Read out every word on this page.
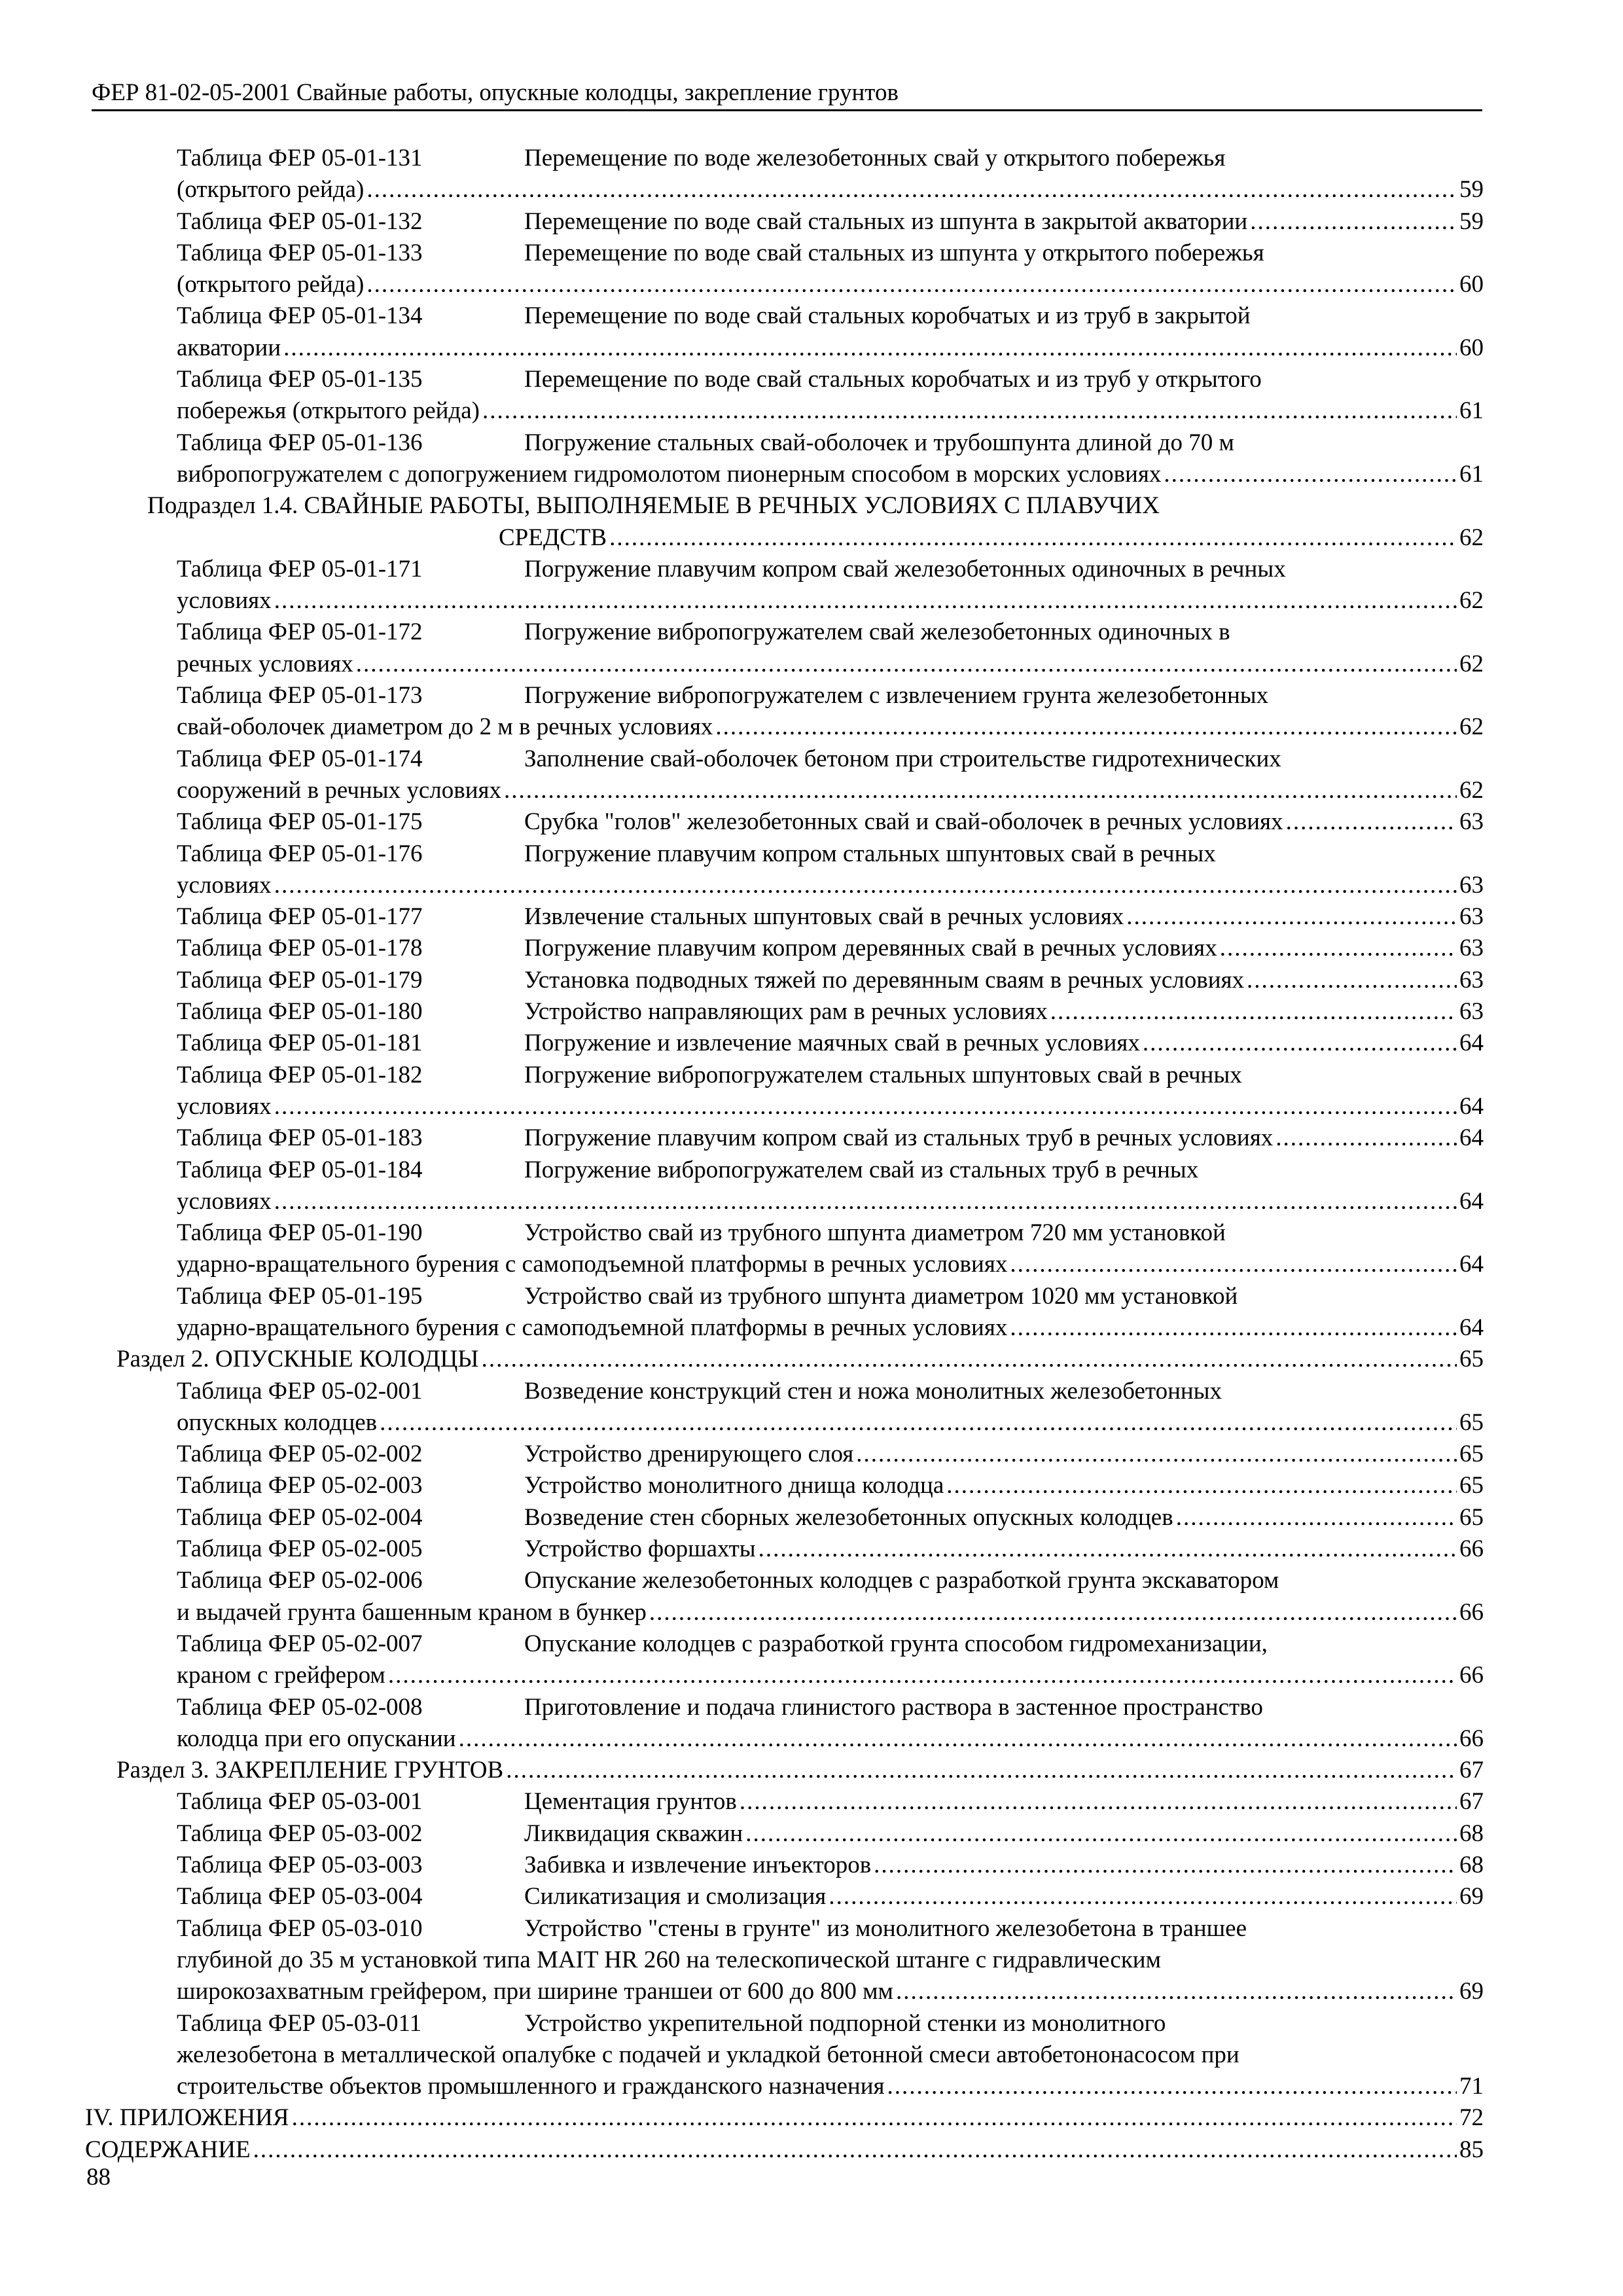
ФЕР 81-02-05-2001 Свайные работы, опускные колодцы, закрепление грунтов
Таблица ФЕР 05-01-131	Перемещение по воде железобетонных свай у открытого побережья
(открытого рейда) .....	59
Таблица ФЕР 05-01-132	Перемещение по воде свай стальных из шпунта в закрытой акватории .....	59
Таблица ФЕР 05-01-133	Перемещение по воде свай стальных из шпунта у открытого побережья
(открытого рейда) .....	60
Таблица ФЕР 05-01-134	Перемещение по воде свай стальных коробчатых и из труб в закрытой
акватории .....	60
Таблица ФЕР 05-01-135	Перемещение по воде свай стальных коробчатых и из труб у открытого
побережья (открытого рейда) .....	61
Таблица ФЕР 05-01-136	Погружение стальных свай-оболочек и трубошпунта длиной до 70 м
вибропогружателем с допогружением гидромолотом пионерным способом в морских условиях .....	61
Подраздел 1.4. СВАЙНЫЕ РАБОТЫ, ВЫПОЛНЯЕМЫЕ В РЕЧНЫХ УСЛОВИЯХ С ПЛАВУЧИХ
СРЕДСТВ .....	62
Таблица ФЕР 05-01-171	Погружение плавучим копром свай железобетонных одиночных в речных
условиях .....	62
Таблица ФЕР 05-01-172	Погружение вибропогружателем свай железобетонных одиночных в
речных условиях .....	62
Таблица ФЕР 05-01-173	Погружение вибропогружателем с извлечением грунта железобетонных
свай-оболочек диаметром до 2 м в речных условиях .....	62
Таблица ФЕР 05-01-174	Заполнение свай-оболочек бетоном при строительстве гидротехнических
сооружений в речных условиях .....	62
Таблица ФЕР 05-01-175	Срубка "голов" железобетонных свай и свай-оболочек в речных условиях .....	63
Таблица ФЕР 05-01-176	Погружение плавучим копром стальных шпунтовых свай в речных
условиях .....	63
Таблица ФЕР 05-01-177	Извлечение стальных шпунтовых свай в речных условиях .....	63
Таблица ФЕР 05-01-178	Погружение плавучим копром деревянных свай в речных условиях .....	63
Таблица ФЕР 05-01-179	Установка подводных тяжей по деревянным сваям в речных условиях .....	63
Таблица ФЕР 05-01-180	Устройство направляющих рам в речных условиях .....	63
Таблица ФЕР 05-01-181	Погружение и извлечение маячных свай в речных условиях .....	64
Таблица ФЕР 05-01-182	Погружение вибропогружателем стальных шпунтовых свай в речных
условиях .....	64
Таблица ФЕР 05-01-183	Погружение плавучим копром свай из стальных труб в речных условиях .....	64
Таблица ФЕР 05-01-184	Погружение вибропогружателем свай из стальных труб в речных
условиях .....	64
Таблица ФЕР 05-01-190	Устройство свай из трубного шпунта диаметром 720 мм установкой
ударно-вращательного бурения с самоподъемной платформы в речных условиях .....	64
Таблица ФЕР 05-01-195	Устройство свай из трубного шпунта диаметром 1020 мм установкой
ударно-вращательного бурения с самоподъемной платформы в речных условиях .....	64
Раздел 2. ОПУСКНЫЕ КОЛОДЦЫ .....	65
Таблица ФЕР 05-02-001	Возведение конструкций стен и ножа монолитных железобетонных
опускных колодцев .....	65
Таблица ФЕР 05-02-002	Устройство дренирующего слоя .....	65
Таблица ФЕР 05-02-003	Устройство монолитного днища колодца .....	65
Таблица ФЕР 05-02-004	Возведение стен сборных железобетонных опускных колодцев .....	65
Таблица ФЕР 05-02-005	Устройство форшахты .....	66
Таблица ФЕР 05-02-006	Опускание железобетонных колодцев с разработкой грунта экскаватором
и выдачей грунта башенным краном в бункер .....	66
Таблица ФЕР 05-02-007	Опускание колодцев с разработкой грунта способом гидромеханизации,
краном с грейфером .....	66
Таблица ФЕР 05-02-008	Приготовление и подача глинистого раствора в застенное пространство
колодца при его опускании .....	66
Раздел 3. ЗАКРЕПЛЕНИЕ ГРУНТОВ .....	67
Таблица ФЕР 05-03-001	Цементация грунтов .....	67
Таблица ФЕР 05-03-002	Ликвидация скважин .....	68
Таблица ФЕР 05-03-003	Забивка и извлечение инъекторов .....	68
Таблица ФЕР 05-03-004	Силикатизация и смолизация .....	69
Таблица ФЕР 05-03-010	Устройство "стены в грунте" из монолитного железобетона в траншее
глубиной до 35 м установкой типа MAIT HR 260 на телескопической штанге с гидравлическим
широкозахватным грейфером, при ширине траншеи от 600 до 800 мм .....	69
Таблица ФЕР 05-03-011	Устройство укрепительной подпорной стенки из монолитного
железобетона в металлической опалубке с подачей и укладкой бетонной смеси автобетононасосом при
строительстве объектов промышленного и гражданского назначения .....	71
IV. ПРИЛОЖЕНИЯ .....	72
СОДЕРЖАНИЕ .....	85
88
